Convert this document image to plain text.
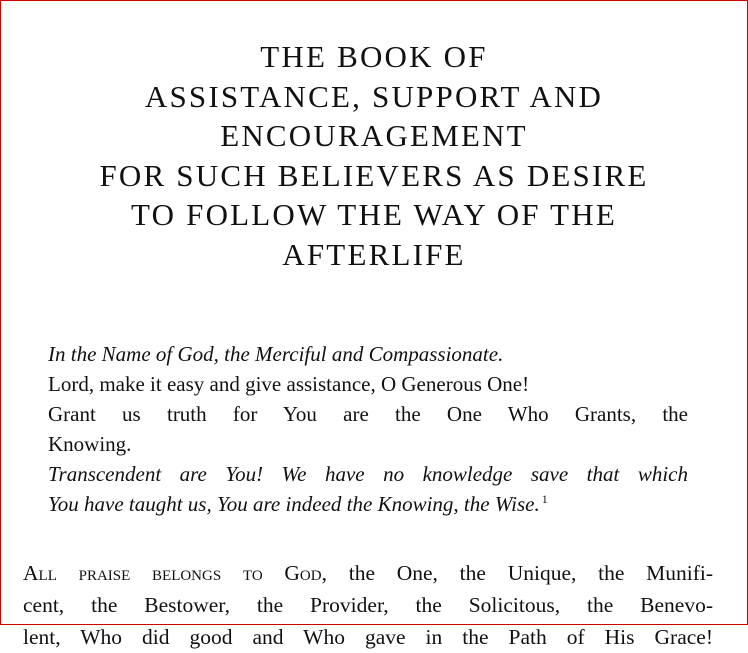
THE BOOK OF
ASSISTANCE, SUPPORT AND
ENCOURAGEMENT
FOR SUCH BELIEVERS AS DESIRE
TO FOLLOW THE WAY OF THE
AFTERLIFE
In the Name of God, the Merciful and Compassionate.
Lord, make it easy and give assistance, O Generous One!
Grant us truth for You are the One Who Grants, the
Knowing.
Transcendent are You! We have no knowledge save that which
You have taught us, You are indeed the Knowing, the Wise. $^1$
All praise belongs to God, the One, the Unique, the Munifi-
cent, the Bestower, the Provider, the Solicitous, the Benevo-
lent, Who did good and Who gave in the Path of His Grace!
